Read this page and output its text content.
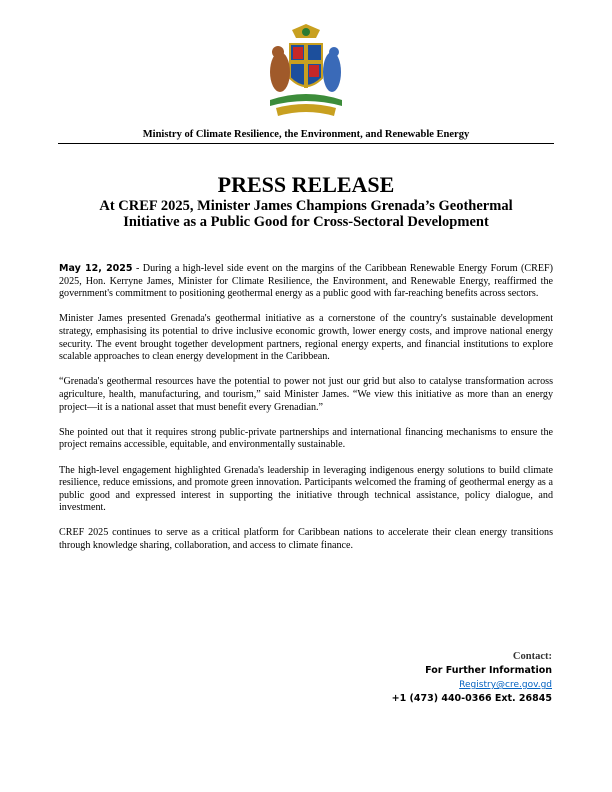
Ministry of Climate Resilience, the Environment, and Renewable Energy
PRESS RELEASE
At CREF 2025, Minister James Champions Grenada’s Geothermal Initiative as a Public Good for Cross-Sectoral Development

May 12, 2025 - During a high-level side event on the margins of the Caribbean Renewable Energy Forum (CREF) 2025, Hon. Kerryne James, Minister for Climate Resilience, the Environment, and Renewable Energy, reaffirmed the government's commitment to positioning geothermal energy as a public good with far-reaching benefits across sectors.

Minister James presented Grenada's geothermal initiative as a cornerstone of the country's sustainable development strategy, emphasising its potential to drive inclusive economic growth, lower energy costs, and improve national energy security. The event brought together development partners, regional energy experts, and financial institutions to explore scalable approaches to clean energy development in the Caribbean.

“Grenada's geothermal resources have the potential to power not just our grid but also to catalyse transformation across agriculture, health, manufacturing, and tourism,” said Minister James. “We view this initiative as more than an energy project—it is a national asset that must benefit every Grenadian.”

She pointed out that it requires strong public-private partnerships and international financing mechanisms to ensure the project remains accessible, equitable, and environmentally sustainable.

The high-level engagement highlighted Grenada's leadership in leveraging indigenous energy solutions to build climate resilience, reduce emissions, and promote green innovation. Participants welcomed the framing of geothermal energy as a public good and expressed interest in supporting the initiative through technical assistance, policy dialogue, and investment.

CREF 2025 continues to serve as a critical platform for Caribbean nations to accelerate their clean energy transitions through knowledge sharing, collaboration, and access to climate finance.

Contact:
For Further Information
Registry@cre.gov.gd
+1 (473) 440-0366 Ext. 26845
